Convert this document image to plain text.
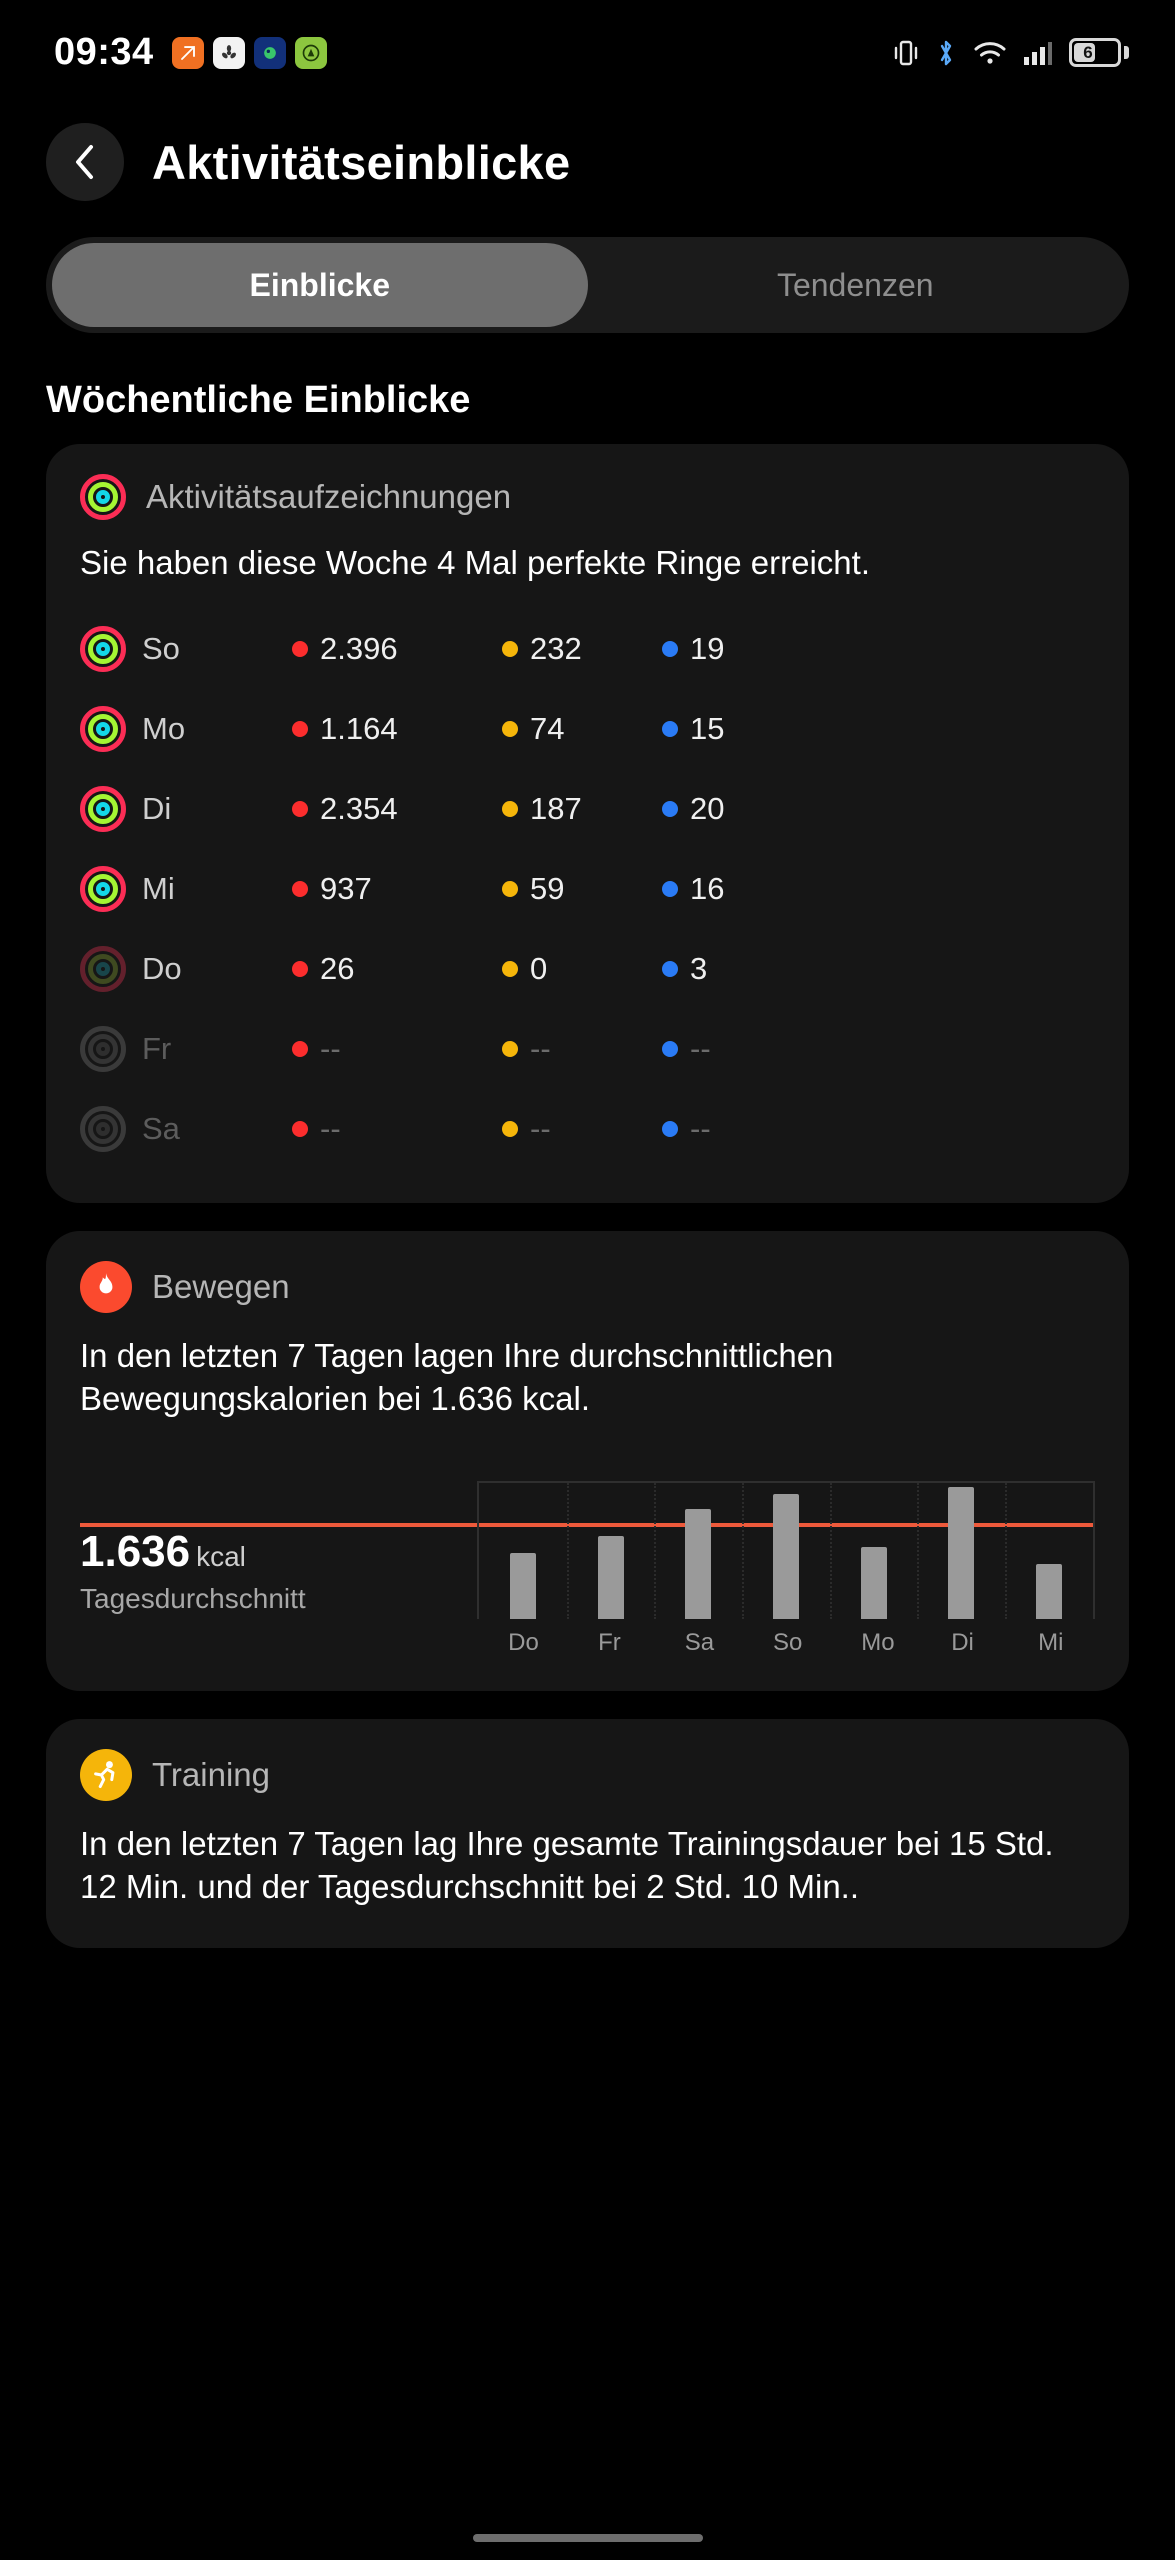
09:34	6
Aktivitätseinblicke
Einblicke	Tendenzen
Wöchentliche Einblicke
Aktivitätsaufzeichnungen
Sie haben diese Woche 4 Mal perfekte Ringe erreicht.
So	2.396	232	19
Mo	1.164	74	15
Di	2.354	187	20
Mi	937	59	16
Do	26	0	3
Fr	--	--	--
Sa	--	--	--
Bewegen
In den letzten 7 Tagen lagen Ihre durchschnittlichen Bewegungskalorien bei 1.636 kcal.
1.636 kcal
Tagesdurchschnitt
Do Fr	Sa So Mo Di	Mi
Training
In den letzten 7 Tagen lag Ihre gesamte Trainingsdauer bei 15 Std. 12 Min. und der Tagesdurchschnitt bei 2 Std. 10 Min..
